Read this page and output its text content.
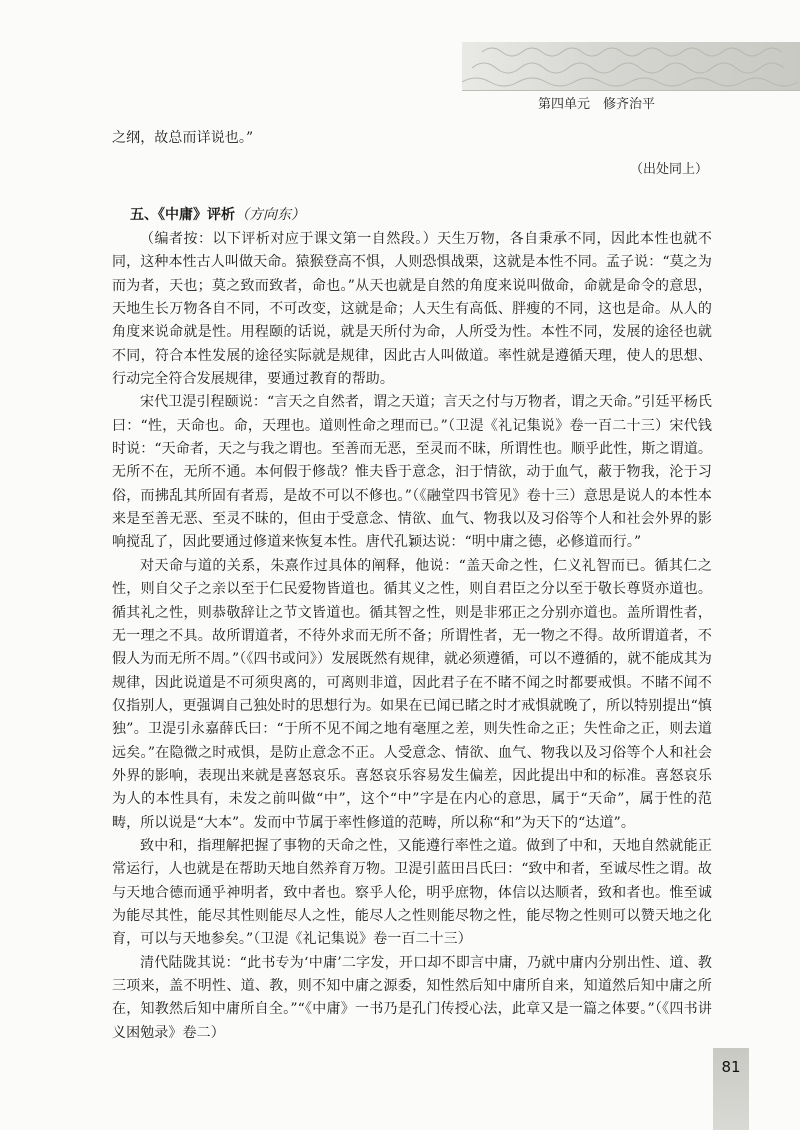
第四单元　修齐治平

之纲，故总而详说也。”

（出处同上）
五、《中庸》评析（方向东）

（编者按：以下评析对应于课文第一自然段。）天生万物，各自秉承不同，因此本性也就不同，这种本性古人叫做天命。猿猴登高不惧，人则恐惧战栗，这就是本性不同。孟子说：“莫之为而为者，天也；莫之致而致者，命也。”从天也就是自然的角度来说叫做命，命就是命令的意思，天地生长万物各自不同，不可改变，这就是命；人天生有高低、胖瘦的不同，这也是命。从人的角度来说命就是性。用程颐的话说，就是天所付为命，人所受为性。本性不同，发展的途径也就不同，符合本性发展的途径实际就是规律，因此古人叫做道。率性就是遵循天理，使人的思想、行动完全符合发展规律，要通过教育的帮助。

宋代卫湜引程颐说：“言天之自然者，谓之天道；言天之付与万物者，谓之天命。”引廷平杨氏曰：“性，天命也。命，天理也。道则性命之理而已。”（卫湜《礼记集说》卷一百二十三）宋代钱时说：“天命者，天之与我之谓也。至善而无恶，至灵而不昧，所谓性也。顺乎此性，斯之谓道。无所不在，无所不通。本何假于修哉？惟夫昏于意念，汩于情欲，动于血气，蔽于物我，沦于习俗，而拂乱其所固有者焉，是故不可以不修也。”（《融堂四书管见》卷十三）意思是说人的本性本来是至善无恶、至灵不昧的，但由于受意念、情欲、血气、物我以及习俗等个人和社会外界的影响搅乱了，因此要通过修道来恢复本性。唐代孔颖达说：“明中庸之德，必修道而行。”

对天命与道的关系，朱熹作过具体的阐释，他说：“盖天命之性，仁义礼智而已。循其仁之性，则自父子之亲以至于仁民爱物皆道也。循其义之性，则自君臣之分以至于敬长尊贤亦道也。循其礼之性，则恭敬辞让之节文皆道也。循其智之性，则是非邪正之分别亦道也。盖所谓性者，无一理之不具。故所谓道者，不待外求而无所不备；所谓性者，无一物之不得。故所谓道者，不假人为而无所不周。”（《四书或问》）发展既然有规律，就必须遵循，可以不遵循的，就不能成其为规律，因此说道是不可须臾离的，可离则非道，因此君子在不睹不闻之时都要戒惧。不睹不闻不仅指别人，更强调自己独处时的思想行为。如果在已闻已睹之时才戒惧就晚了，所以特别提出“慎独”。卫湜引永嘉薛氏曰：“于所不见不闻之地有毫厘之差，则失性命之正；失性命之正，则去道远矣。”在隐微之时戒惧，是防止意念不正。人受意念、情欲、血气、物我以及习俗等个人和社会外界的影响，表现出来就是喜怒哀乐。喜怒哀乐容易发生偏差，因此提出中和的标准。喜怒哀乐为人的本性具有，未发之前叫做“中”，这个“中”字是在内心的意思，属于“天命”，属于性的范畴，所以说是“大本”。发而中节属于率性修道的范畴，所以称“和”为天下的“达道”。

致中和，指理解把握了事物的天命之性，又能遵行率性之道。做到了中和，天地自然就能正常运行，人也就是在帮助天地自然养育万物。卫湜引蓝田吕氏曰：“致中和者，至诚尽性之谓。故与天地合德而通乎神明者，致中者也。察乎人伦，明乎庶物，体信以达顺者，致和者也。惟至诚为能尽其性，能尽其性则能尽人之性，能尽人之性则能尽物之性，能尽物之性则可以赞天地之化育，可以与天地参矣。”（卫湜《礼记集说》卷一百二十三）

清代陆陇其说：“此书专为‘中庸’二字发，开口却不即言中庸，乃就中庸内分别出性、道、教三项来，盖不明性、道、教，则不知中庸之源委，知性然后知中庸所自来，知道然后知中庸之所在，知教然后知中庸所自全。”“《中庸》一书乃是孔门传授心法，此章又是一篇之体要。”（《四书讲义困勉录》卷二）

81
